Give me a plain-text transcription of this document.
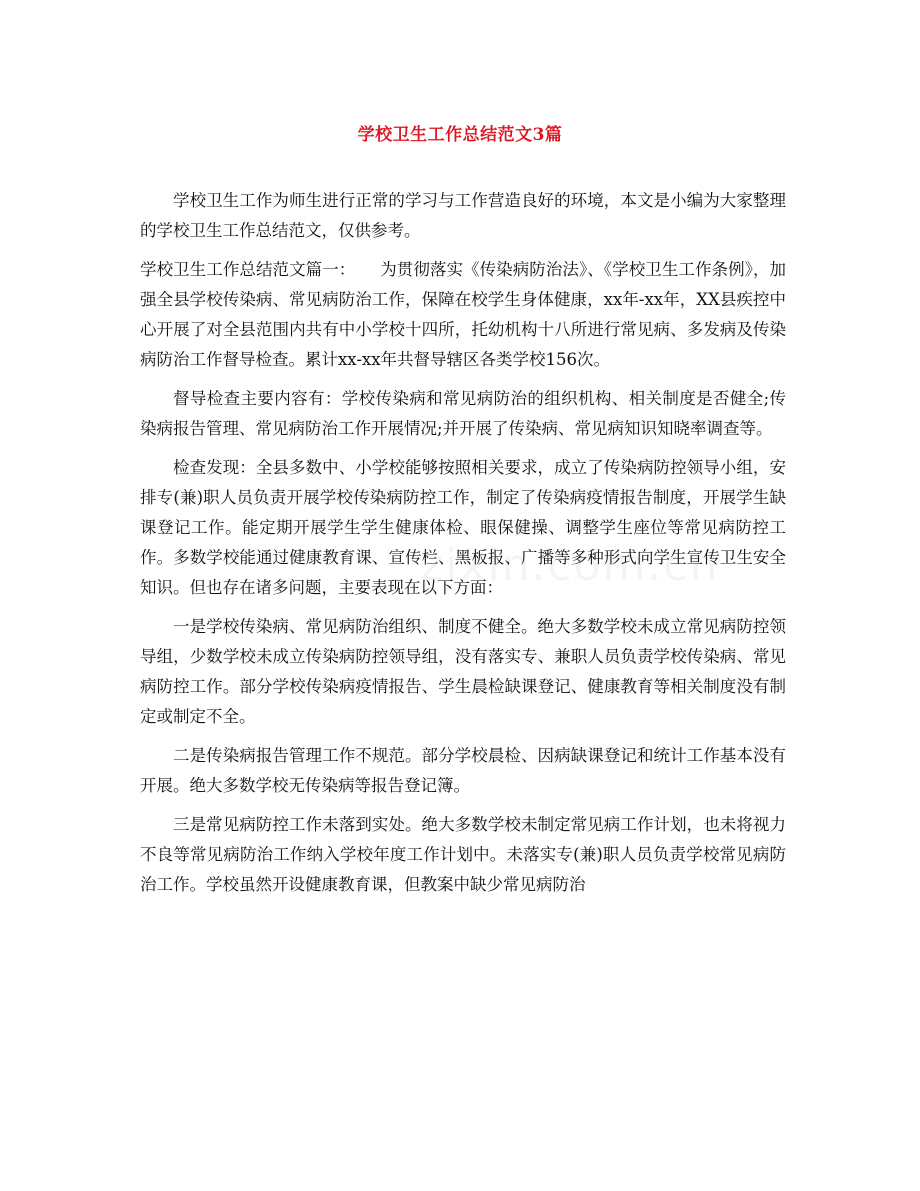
学校卫生工作总结范文3篇

学校卫生工作为师生进行正常的学习与工作营造良好的环境，本文是小编为大家整理的学校卫生工作总结范文，仅供参考。

学校卫生工作总结范文篇一：　　为贯彻落实《传染病防治法》、《学校卫生工作条例》，加强全县学校传染病、常见病防治工作，保障在校学生身体健康，xx年-xx年，XX县疾控中心开展了对全县范围内共有中小学校十四所，托幼机构十八所进行常见病、多发病及传染病防治工作督导检查。累计xx-xx年共督导辖区各类学校156次。

督导检查主要内容有：学校传染病和常见病防治的组织机构、相关制度是否健全;传染病报告管理、常见病防治工作开展情况;并开展了传染病、常见病知识知晓率调查等。

检查发现：全县多数中、小学校能够按照相关要求，成立了传染病防控领导小组，安排专(兼)职人员负责开展学校传染病防控工作，制定了传染病疫情报告制度，开展学生缺课登记工作。能定期开展学生学生健康体检、眼保健操、调整学生座位等常见病防控工作。多数学校能通过健康教育课、宣传栏、黑板报、广播等多种形式向学生宣传卫生安全知识。但也存在诸多问题，主要表现在以下方面：

一是学校传染病、常见病防治组织、制度不健全。绝大多数学校未成立常见病防控领导组，少数学校未成立传染病防控领导组，没有落实专、兼职人员负责学校传染病、常见病防控工作。部分学校传染病疫情报告、学生晨检缺课登记、健康教育等相关制度没有制定或制定不全。

二是传染病报告管理工作不规范。部分学校晨检、因病缺课登记和统计工作基本没有开展。绝大多数学校无传染病等报告登记簿。

三是常见病防控工作未落到实处。绝大多数学校未制定常见病工作计划，也未将视力不良等常见病防治工作纳入学校年度工作计划中。未落实专(兼)职人员负责学校常见病防治工作。学校虽然开设健康教育课，但教案中缺少常见病防治
